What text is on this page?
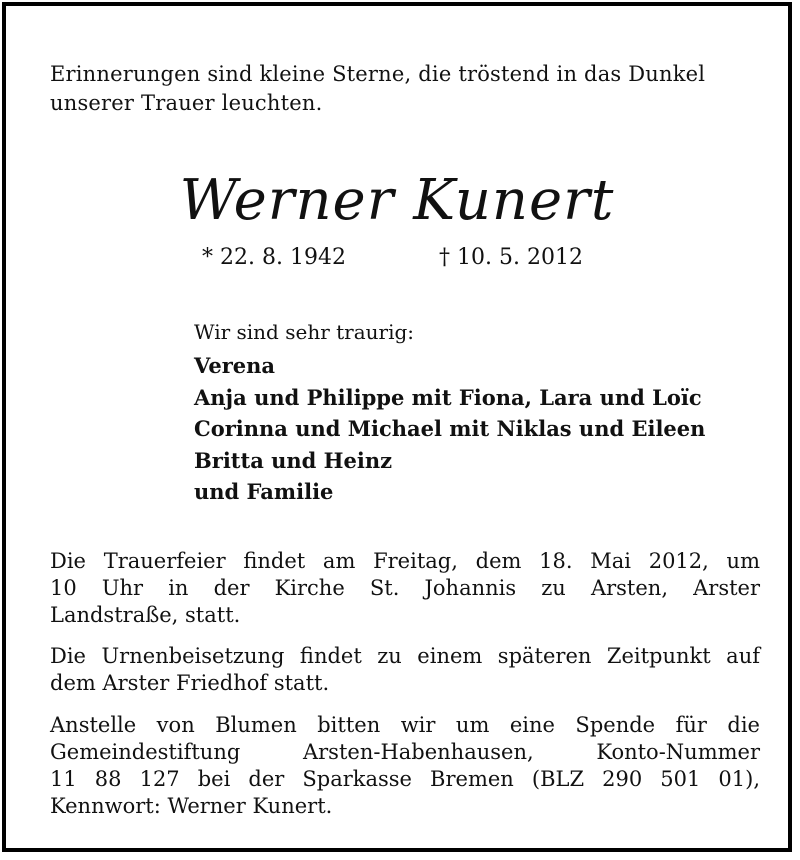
Erinnerungen sind kleine Sterne, die tröstend in das Dunkel
unserer Trauer leuchten.
Werner Kunert
* 22. 8. 1942	† 10. 5. 2012
Wir sind sehr traurig:
Verena
Anja und Philippe mit Fiona, Lara und Loïc
Corinna und Michael mit Niklas und Eileen
Britta und Heinz
und Familie
Die Trauerfeier findet am Freitag, dem 18. Mai 2012, um
10 Uhr in der Kirche St. Johannis zu Arsten, Arster
Landstraße, statt.
Die Urnenbeisetzung findet zu einem späteren Zeitpunkt auf
dem Arster Friedhof statt.
Anstelle von Blumen bitten wir um eine Spende für die
Gemeindestiftung Arsten-Habenhausen, Konto-Nummer
11 88 127 bei der Sparkasse Bremen (BLZ 290 501 01),
Kennwort: Werner Kunert.
